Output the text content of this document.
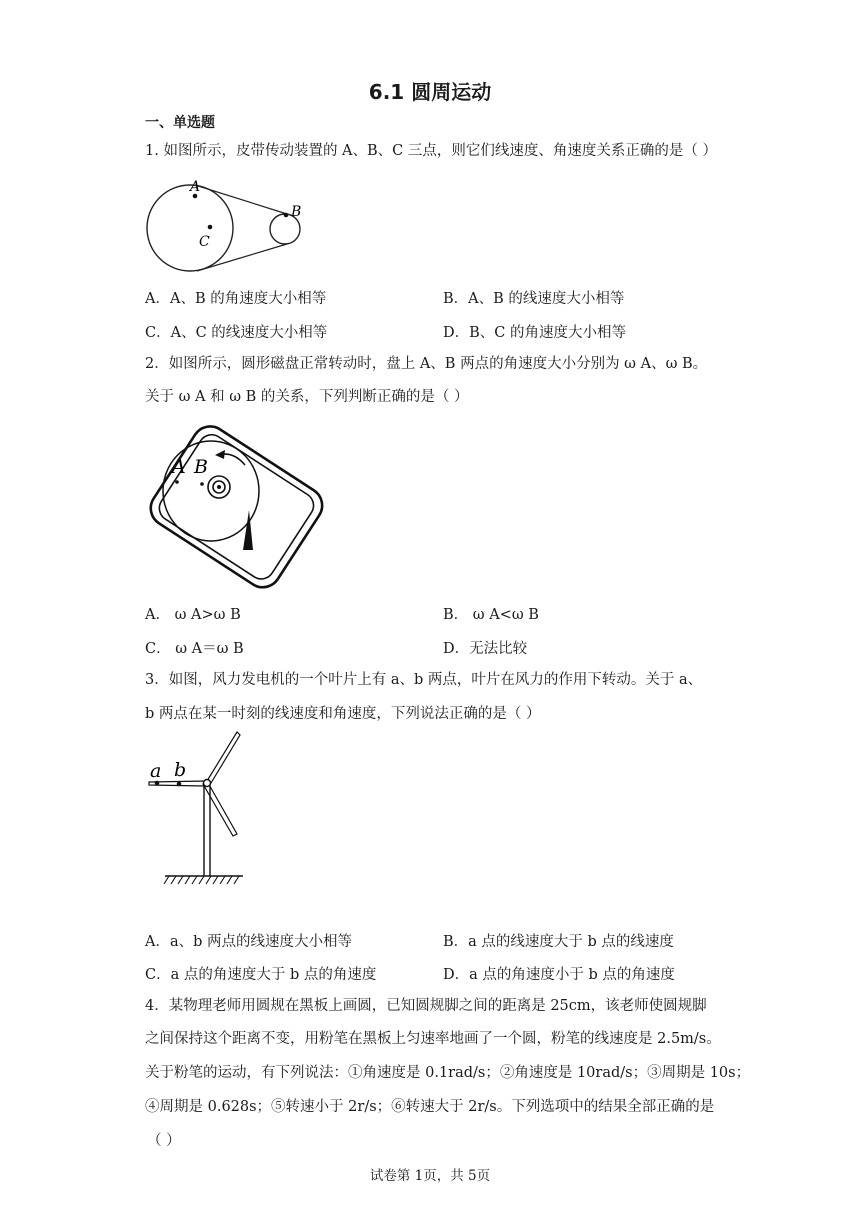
6.1 圆周运动
一、单选题
1. 如图所示，皮带传动装置的 A、B、C 三点，则它们线速度、角速度关系正确的是（ ）
A
B
C
A．A、B 的角速度大小相等	B．A、B 的线速度大小相等
C．A、C 的线速度大小相等	D．B、C 的角速度大小相等
2．如图所示，圆形磁盘正常转动时，盘上 A、B 两点的角速度大小分别为 ω A、ω B。
关于 ω A 和 ω B 的关系，下列判断正确的是（ ）
A B
A． ω A>ω B	B． ω A<ω B
C． ω A＝ω B	D．无法比较
3．如图，风力发电机的一个叶片上有 a、b 两点，叶片在风力的作用下转动。关于 a、
b 两点在某一时刻的线速度和角速度，下列说法正确的是（ ）
a b
A．a、b 两点的线速度大小相等	B．a 点的线速度大于 b 点的线速度
C．a 点的角速度大于 b 点的角速度	D．a 点的角速度小于 b 点的角速度
4．某物理老师用圆规在黑板上画圆，已知圆规脚之间的距离是 25cm，该老师使圆规脚
之间保持这个距离不变，用粉笔在黑板上匀速率地画了一个圆，粉笔的线速度是 2.5m/s。
关于粉笔的运动，有下列说法：①角速度是 0.1rad/s；②角速度是 10rad/s；③周期是 10s；
④周期是 0.628s；⑤转速小于 2r/s；⑥转速大于 2r/s。下列选项中的结果全部正确的是
（ ）
试卷第 1页，共 5页
